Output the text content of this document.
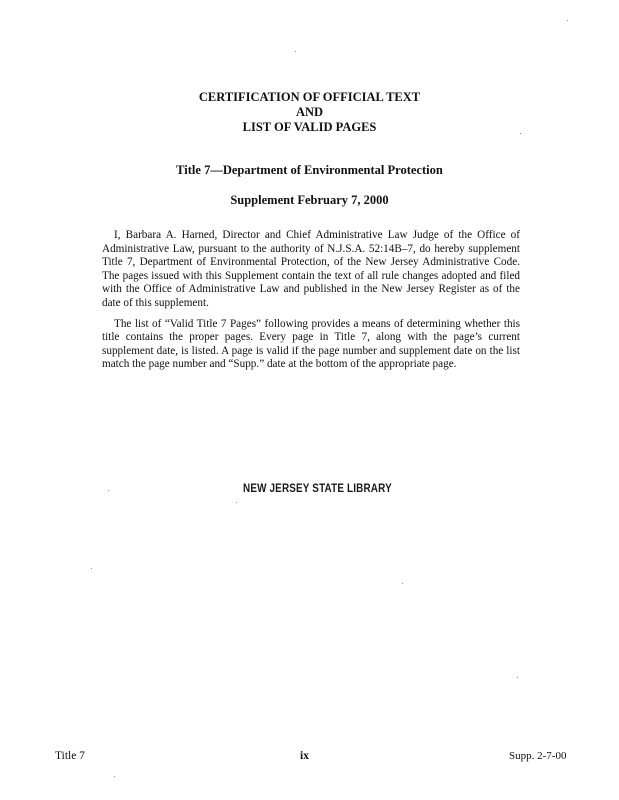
CERTIFICATION OF OFFICIAL TEXT
AND
LIST OF VALID PAGES
Title 7—Department of Environmental Protection
Supplement February 7, 2000

I, Barbara A. Harned, Director and Chief Administrative Law Judge of the Office of Administrative Law, pursuant to the authority of N.J.S.A. 52:14B–7, do hereby supplement Title 7, Department of Environmental Protection, of the New Jersey Administrative Code. The pages issued with this Supplement contain the text of all rule changes adopted and filed with the Office of Administrative Law and published in the New Jersey Register as of the date of this supplement.

The list of “Valid Title 7 Pages” following provides a means of determining whether this title contains the proper pages. Every page in Title 7, along with the page’s current supplement date, is listed. A page is valid if the page number and supplement date on the list match the page number and “Supp.” date at the bottom of the appropriate page.

NEW JERSEY STATE LIBRARY
Title 7	ix	Supp. 2-7-00
